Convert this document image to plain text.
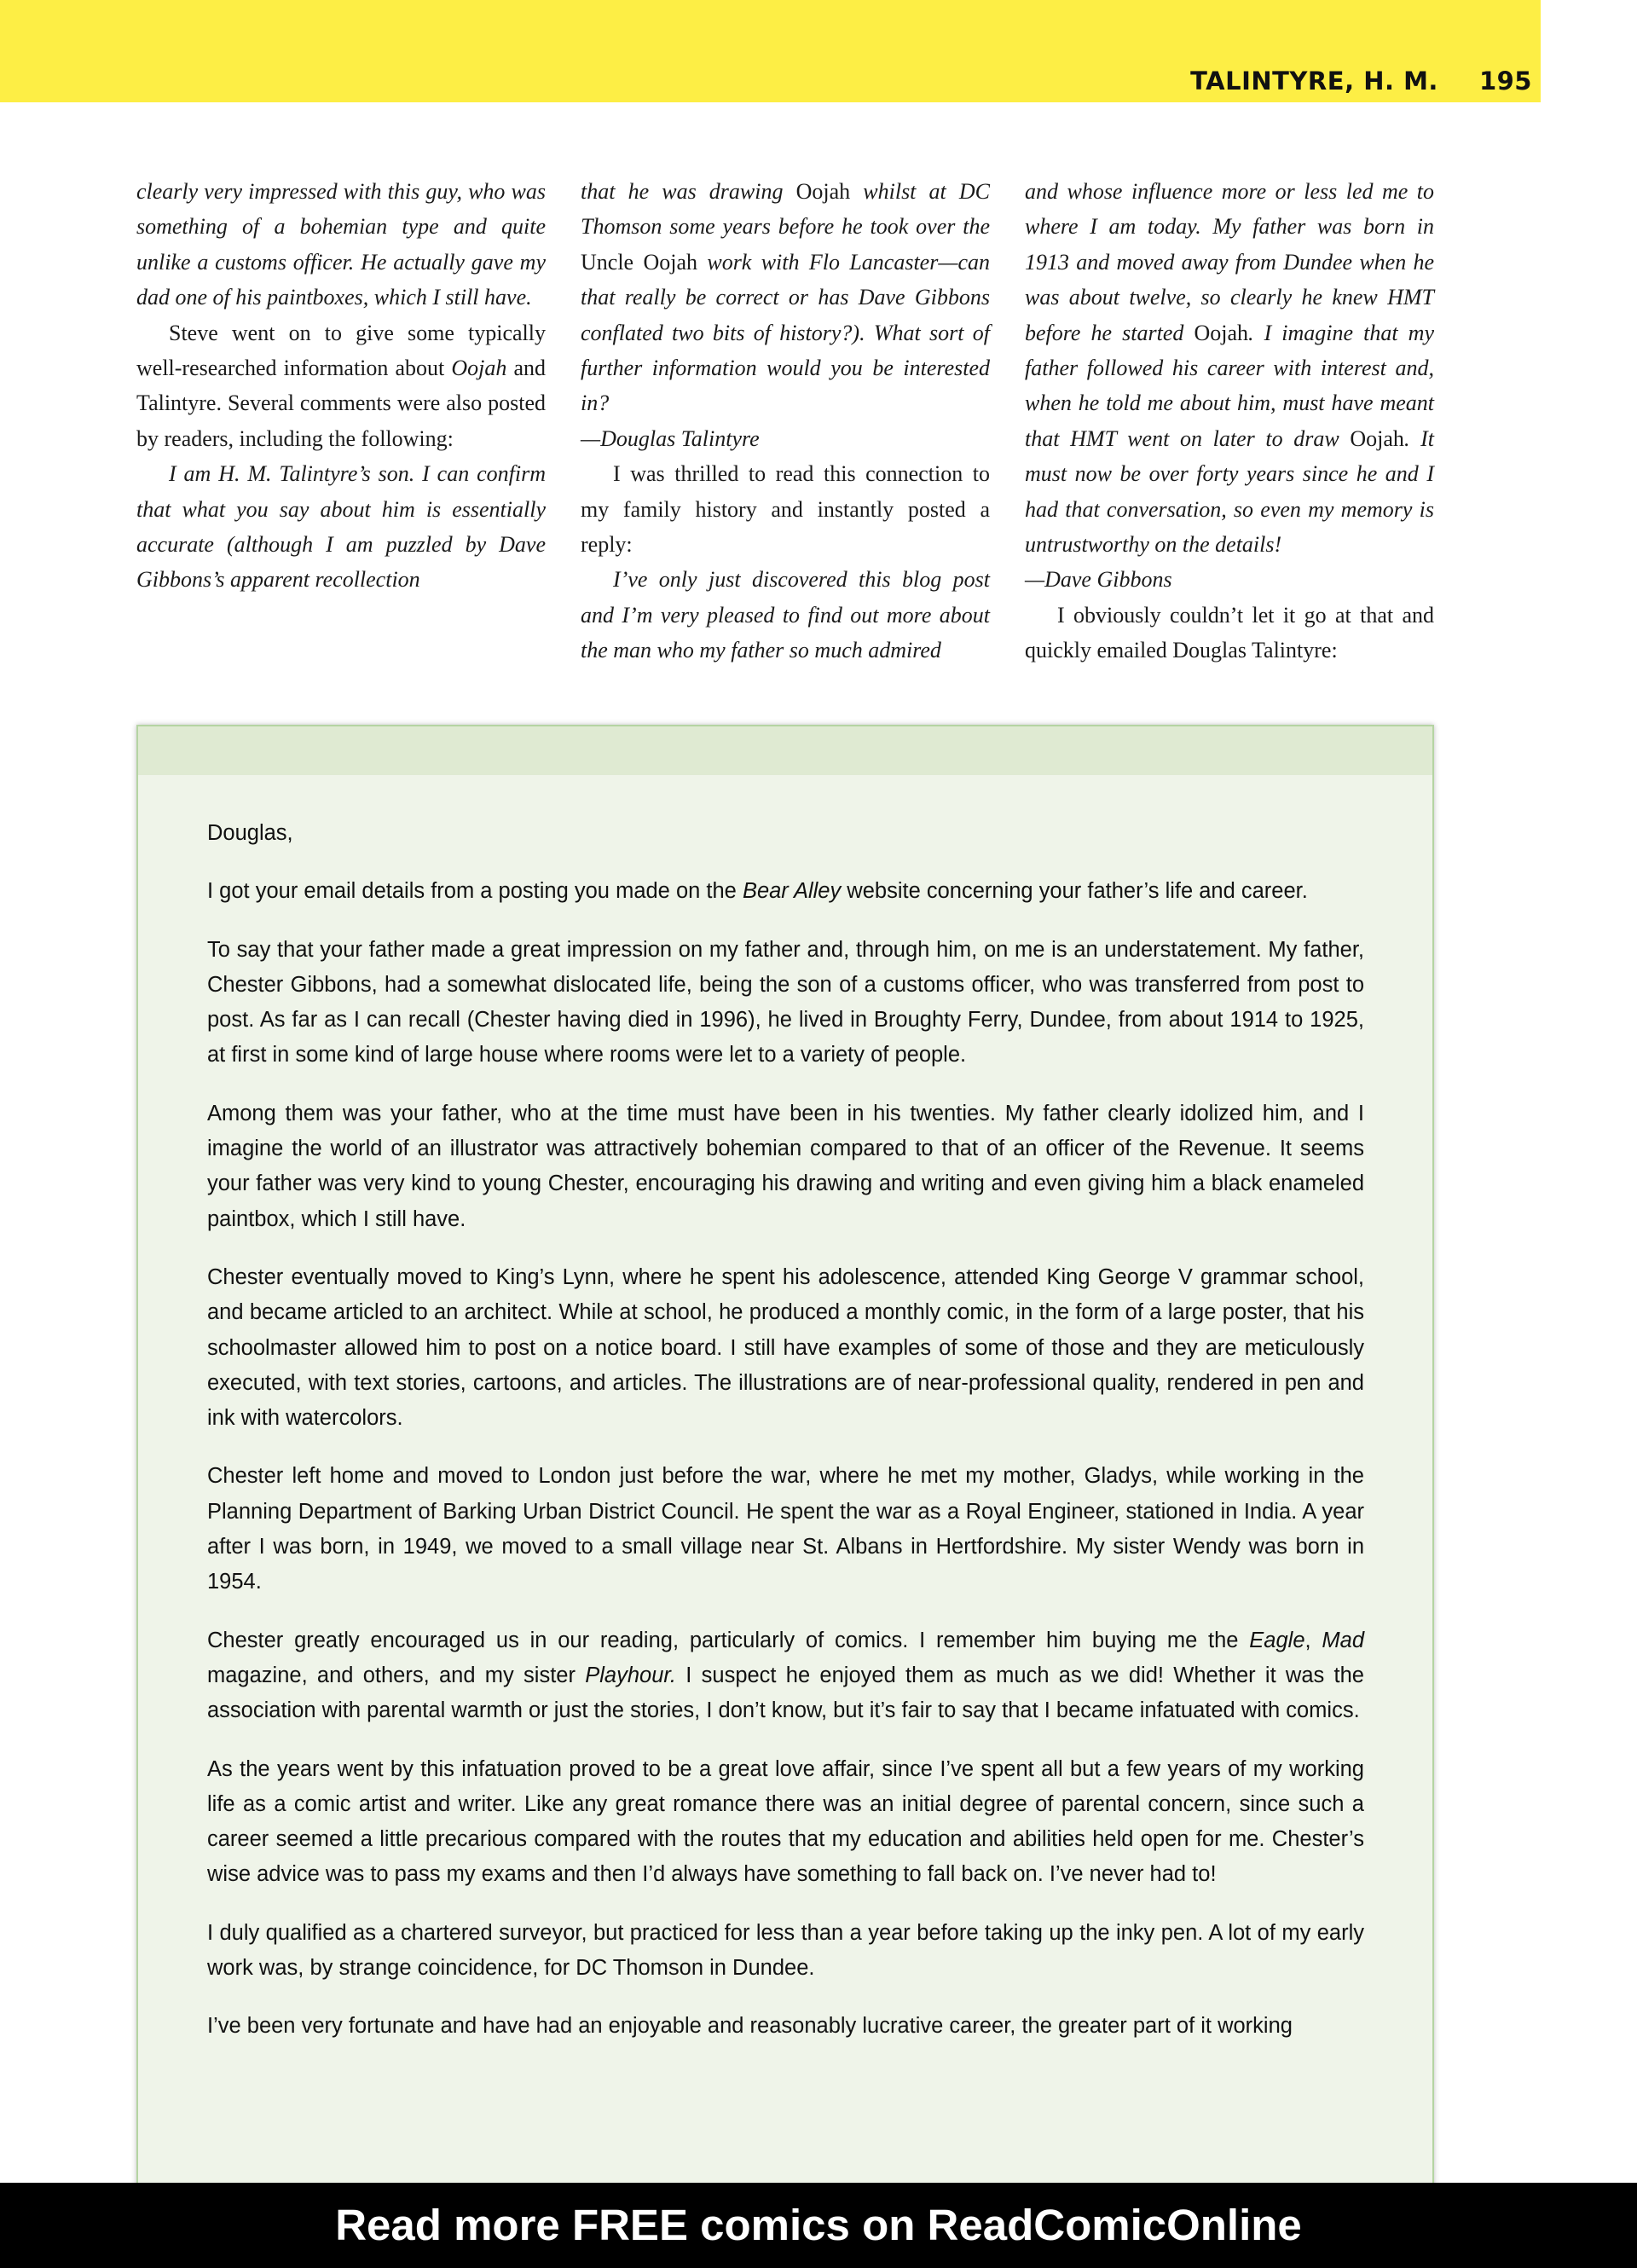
TALINTYRE, H. M. 195

clearly very impressed with this guy, who was something of a bohemian type and quite unlike a customs officer. He actually gave my dad one of his paintboxes, which I still have.

Steve went on to give some typically well-researched information about Oojah and Talintyre. Several comments were also posted by readers, including the following:

I am H. M. Talintyre’s son. I can confirm that what you say about him is essentially accurate (although I am puzzled by Dave Gibbons’s apparent recollection

that he was drawing Oojah whilst at DC Thomson some years before he took over the Uncle Oojah work with Flo Lancaster—can that really be correct or has Dave Gibbons conflated two bits of history?). What sort of further information would you be interested in?

—Douglas Talintyre

I was thrilled to read this connection to my family history and instantly posted a reply:

I’ve only just discovered this blog post and I’m very pleased to find out more about the man who my father so much admired

and whose influence more or less led me to where I am today. My father was born in 1913 and moved away from Dundee when he was about twelve, so clearly he knew HMT before he started Oojah. I imagine that my father followed his career with interest and, when he told me about him, must have meant that HMT went on later to draw Oojah. It must now be over forty years since he and I had that conversation, so even my memory is untrustworthy on the details!

—Dave Gibbons

I obviously couldn’t let it go at that and quickly emailed Douglas Talintyre:

Douglas,

I got your email details from a posting you made on the Bear Alley website concerning your father’s life and career.

To say that your father made a great impression on my father and, through him, on me is an understatement. My father, Chester Gibbons, had a somewhat dislocated life, being the son of a customs officer, who was transferred from post to post. As far as I can recall (Chester having died in 1996), he lived in Broughty Ferry, Dundee, from about 1914 to 1925, at first in some kind of large house where rooms were let to a variety of people.

Among them was your father, who at the time must have been in his twenties. My father clearly idolized him, and I imagine the world of an illustrator was attractively bohemian compared to that of an officer of the Revenue. It seems your father was very kind to young Chester, encouraging his drawing and writing and even giving him a black enameled paintbox, which I still have.

Chester eventually moved to King’s Lynn, where he spent his adolescence, attended King George V grammar school, and became articled to an architect. While at school, he produced a monthly comic, in the form of a large poster, that his schoolmaster allowed him to post on a notice board. I still have examples of some of those and they are meticulously executed, with text stories, cartoons, and articles. The illustrations are of near-professional quality, rendered in pen and ink with watercolors.

Chester left home and moved to London just before the war, where he met my mother, Gladys, while working in the Planning Department of Barking Urban District Council. He spent the war as a Royal Engineer, stationed in India. A year after I was born, in 1949, we moved to a small village near St. Albans in Hertfordshire. My sister Wendy was born in 1954.

Chester greatly encouraged us in our reading, particularly of comics. I remember him buying me the Eagle, Mad magazine, and others, and my sister Playhour. I suspect he enjoyed them as much as we did! Whether it was the association with parental warmth or just the stories, I don’t know, but it’s fair to say that I became infatuated with comics.

As the years went by this infatuation proved to be a great love affair, since I’ve spent all but a few years of my working life as a comic artist and writer. Like any great romance there was an initial degree of parental concern, since such a career seemed a little precarious compared with the routes that my education and abilities held open for me. Chester’s wise advice was to pass my exams and then I’d always have something to fall back on. I’ve never had to!

I duly qualified as a chartered surveyor, but practiced for less than a year before taking up the inky pen. A lot of my early work was, by strange coincidence, for DC Thomson in Dundee.

I’ve been very fortunate and have had an enjoyable and reasonably lucrative career, the greater part of it working

Read more FREE comics on ReadComicOnline
